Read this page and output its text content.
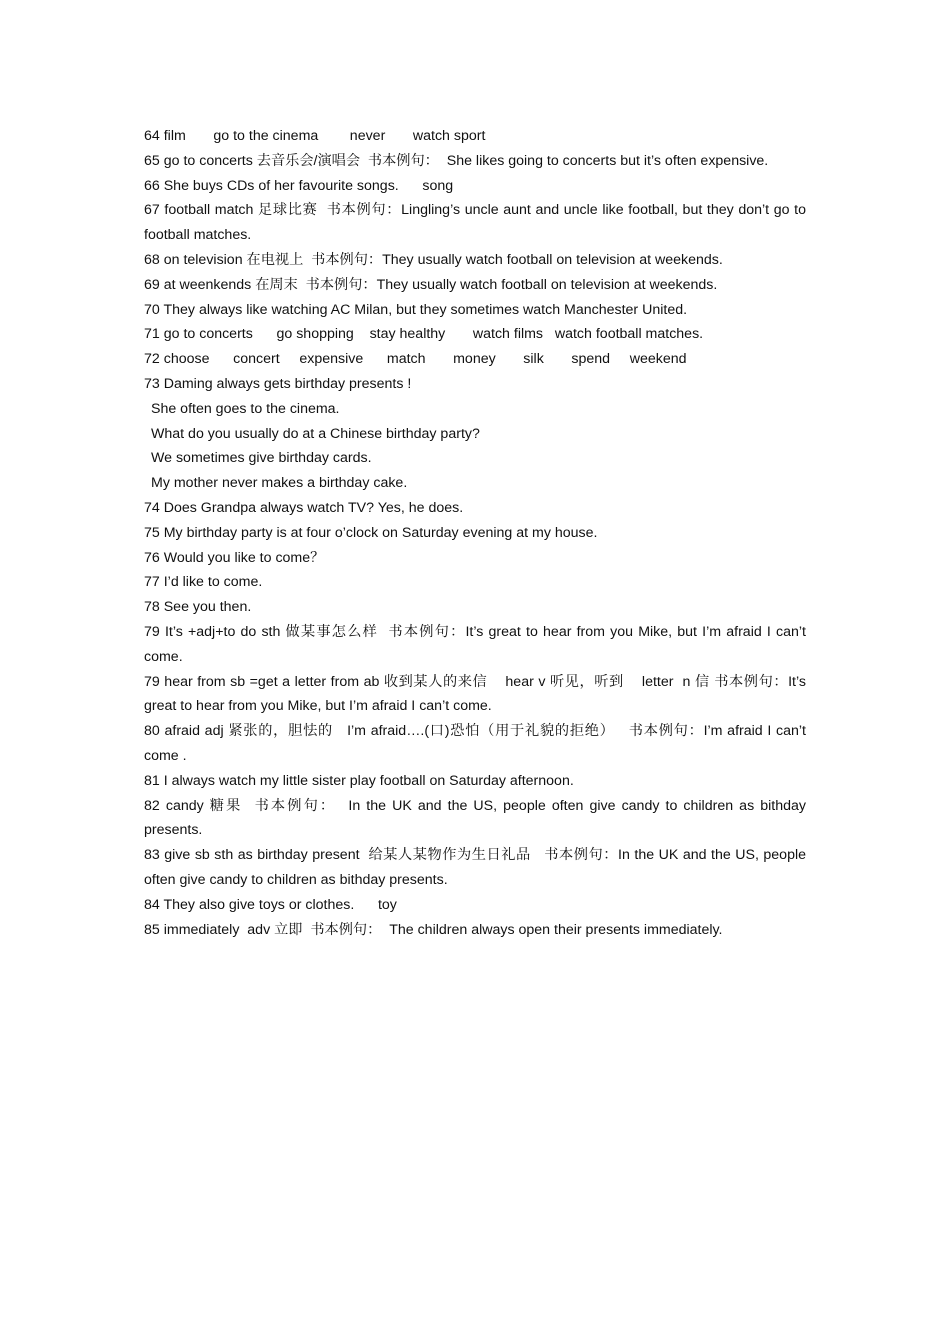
64 film       go to the cinema        never       watch sport

65 go to concerts 去音乐会/演唱会  书本例句：  She likes going to concerts but it’s often expensive.

66 She buys CDs of her favourite songs.      song

67 football match 足球比赛  书本例句：Lingling’s uncle aunt and uncle like football, but they don’t go to football matches.

68 on television 在电视上  书本例句：They usually watch football on television at weekends.

69 at weenkends 在周末  书本例句：They usually watch football on television at weekends.

70 They always like watching AC Milan, but they sometimes watch Manchester United.

71 go to concerts      go shopping    stay healthy       watch films   watch football matches.

72 choose      concert     expensive      match       money       silk       spend     weekend

73 Daming always gets birthday presents !

She often goes to the cinema.

What do you usually do at a Chinese birthday party?

We sometimes give birthday cards.

My mother never makes a birthday cake.

74 Does Grandpa always watch TV? Yes, he does.

75 My birthday party is at four o’clock on Saturday evening at my house.

76 Would you like to come？

77 I’d like to come.

78 See you then.

79 It’s +adj+to do sth 做某事怎么样  书本例句：It’s great to hear from you Mike, but I’m afraid I can’t come.

79 hear from sb =get a letter from ab 收到某人的来信    hear v 听见，听到    letter  n 信 书本例句：It’s great to hear from you Mike, but I’m afraid I can’t come.

80 afraid adj 紧张的，胆怯的   I’m afraid….(口)恐怕（用于礼貌的拒绝）   书本例句：I’m afraid I can’t come .

81 I always watch my little sister play football on Saturday afternoon.

82 candy 糖果  书本例句：  In the UK and the US, people often give candy to children as bithday presents.

83 give sb sth as birthday present  给某人某物作为生日礼品   书本例句：In the UK and the US, people often give candy to children as bithday presents.

84 They also give toys or clothes.      toy

85 immediately  adv 立即  书本例句：  The children always open their presents immediately.
